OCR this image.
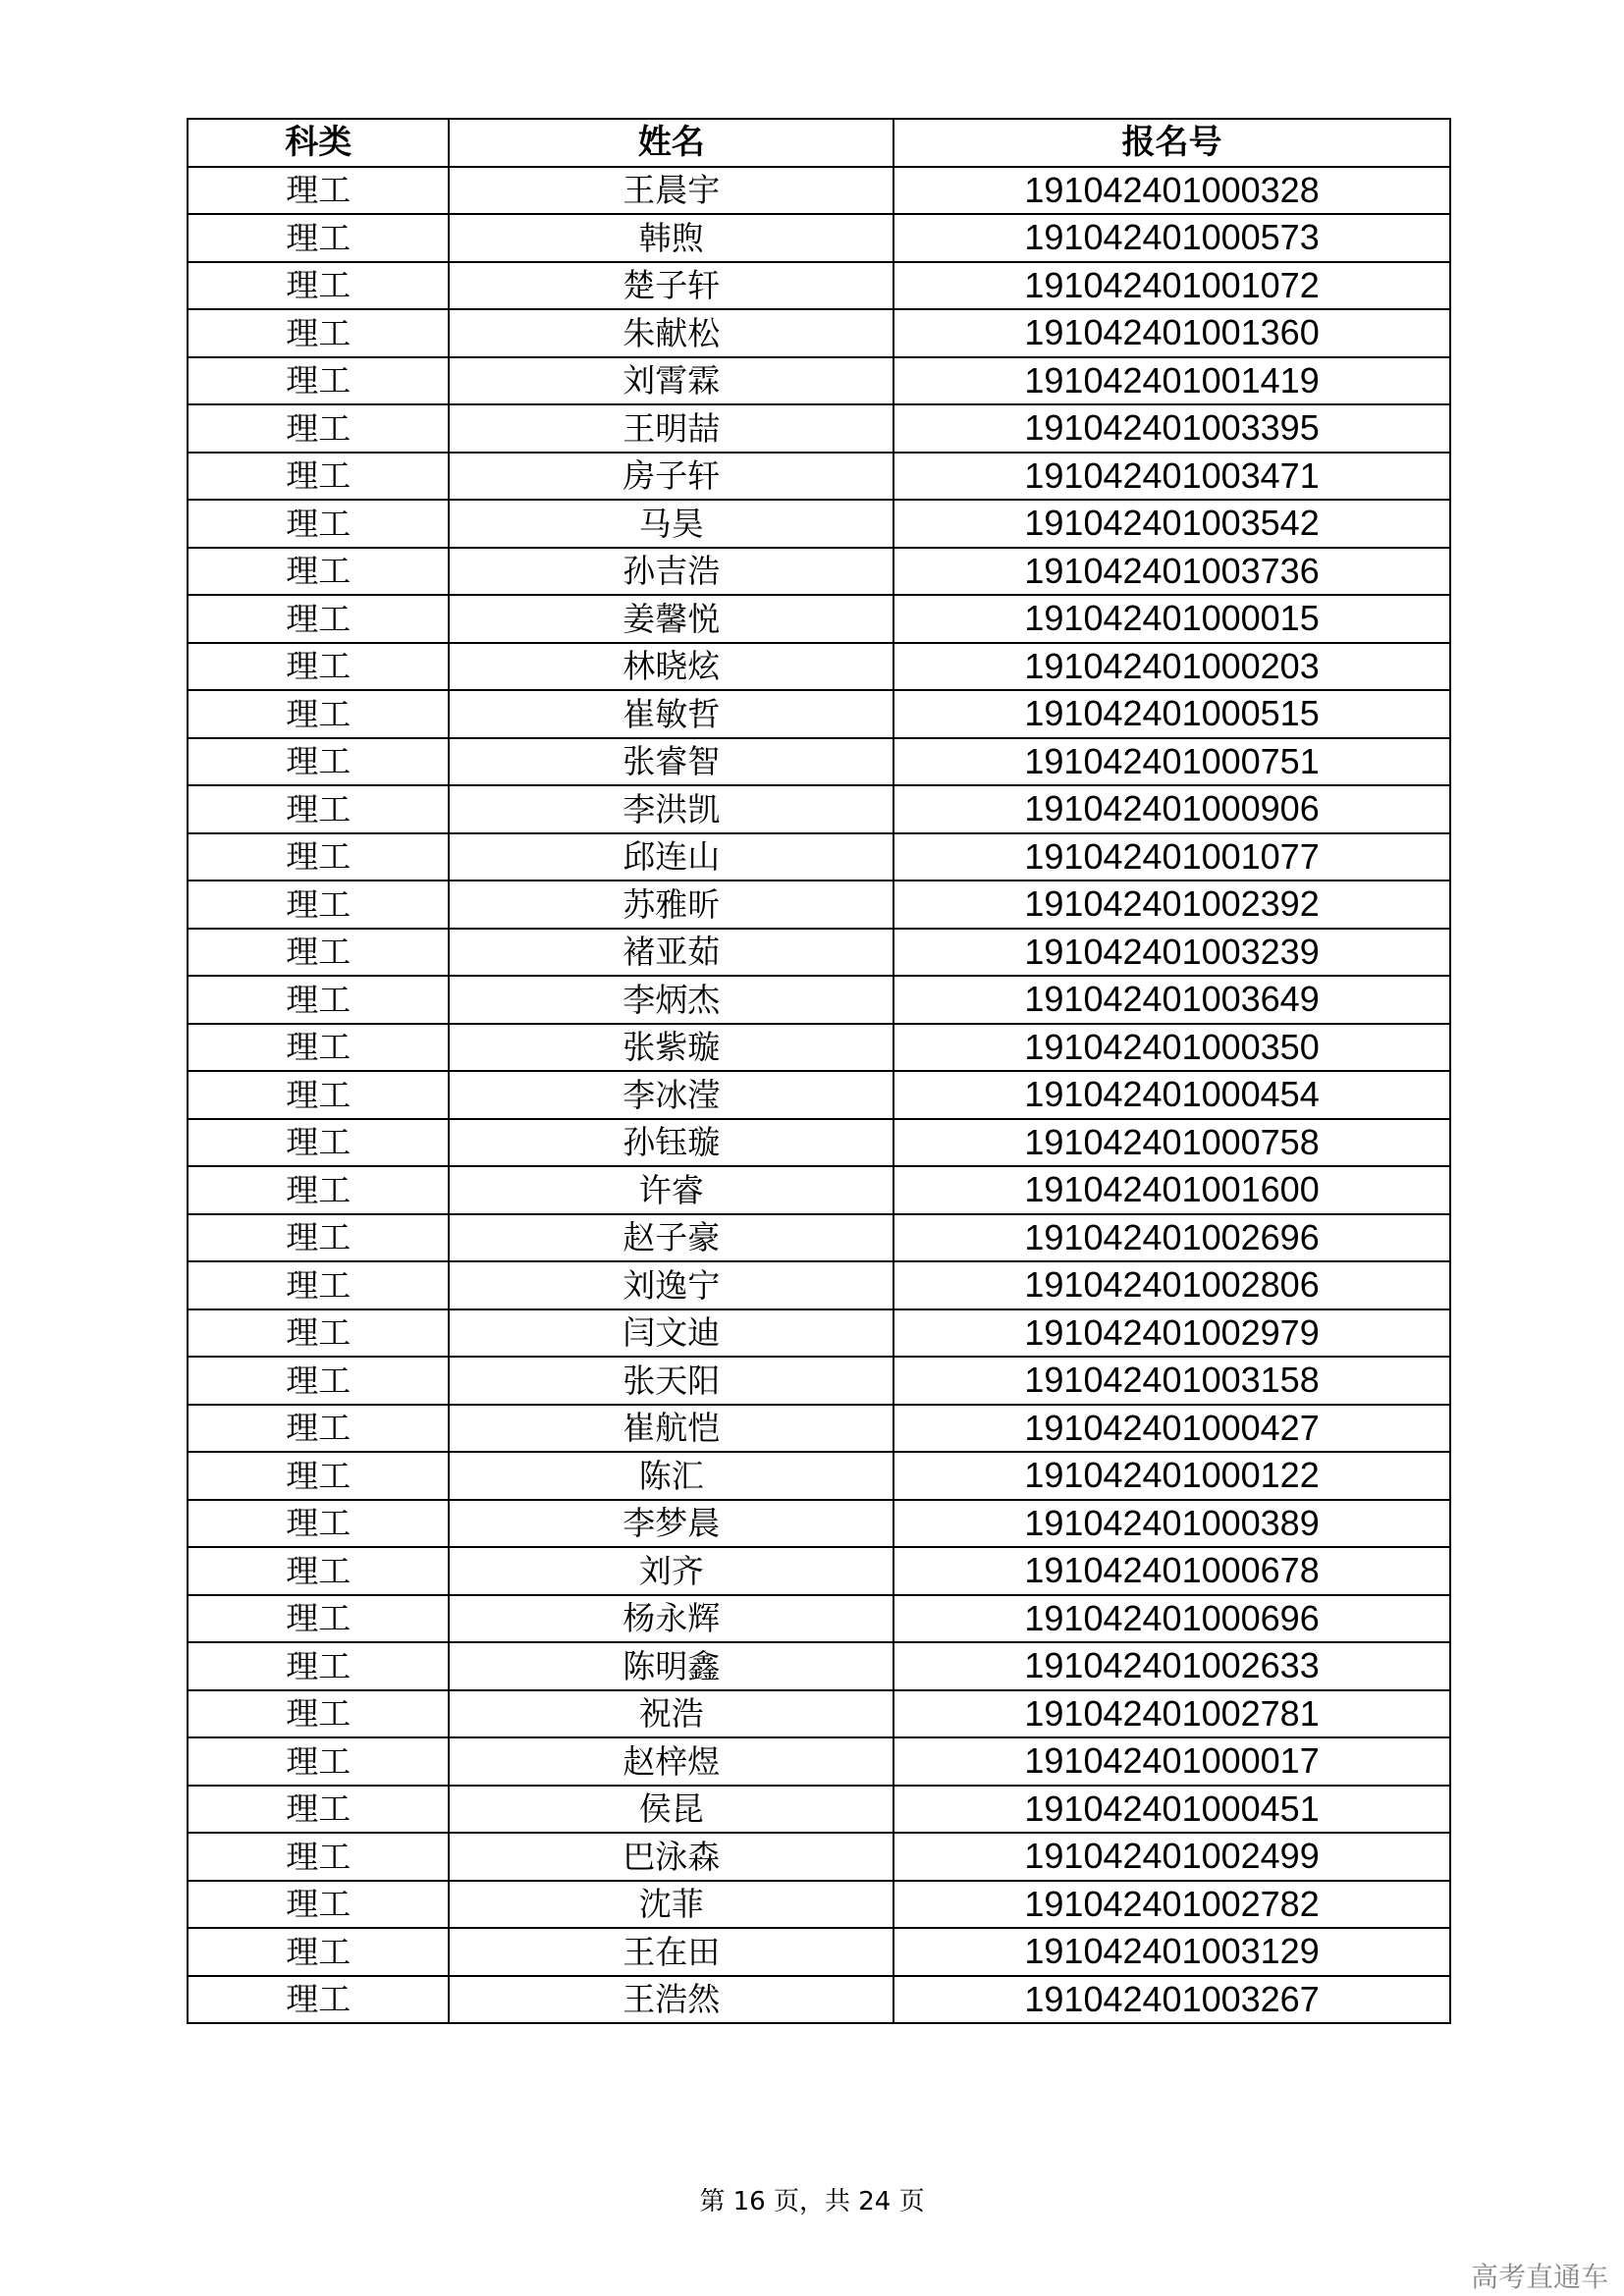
科类	姓名	报名号
理工	王晨宇	191042401000328
理工	韩煦	191042401000573
理工	楚子轩	191042401001072
理工	朱献松	191042401001360
理工	刘霄霖	191042401001419
理工	王明喆	191042401003395
理工	房子轩	191042401003471
理工	马昊	191042401003542
理工	孙吉浩	191042401003736
理工	姜馨悦	191042401000015
理工	林晓炫	191042401000203
理工	崔敏哲	191042401000515
理工	张睿智	191042401000751
理工	李洪凯	191042401000906
理工	邱连山	191042401001077
理工	苏雅昕	191042401002392
理工	褚亚茹	191042401003239
理工	李炳杰	191042401003649
理工	张紫璇	191042401000350
理工	李冰滢	191042401000454
理工	孙钰璇	191042401000758
理工	许睿	191042401001600
理工	赵子豪	191042401002696
理工	刘逸宁	191042401002806
理工	闫文迪	191042401002979
理工	张天阳	191042401003158
理工	崔航恺	191042401000427
理工	陈汇	191042401000122
理工	李梦晨	191042401000389
理工	刘齐	191042401000678
理工	杨永辉	191042401000696
理工	陈明鑫	191042401002633
理工	祝浩	191042401002781
理工	赵梓煜	191042401000017
理工	侯昆	191042401000451
理工	巴泳森	191042401002499
理工	沈菲	191042401002782
理工	王在田	191042401003129
理工	王浩然	191042401003267
第 16 页，共 24 页
高考直通车
